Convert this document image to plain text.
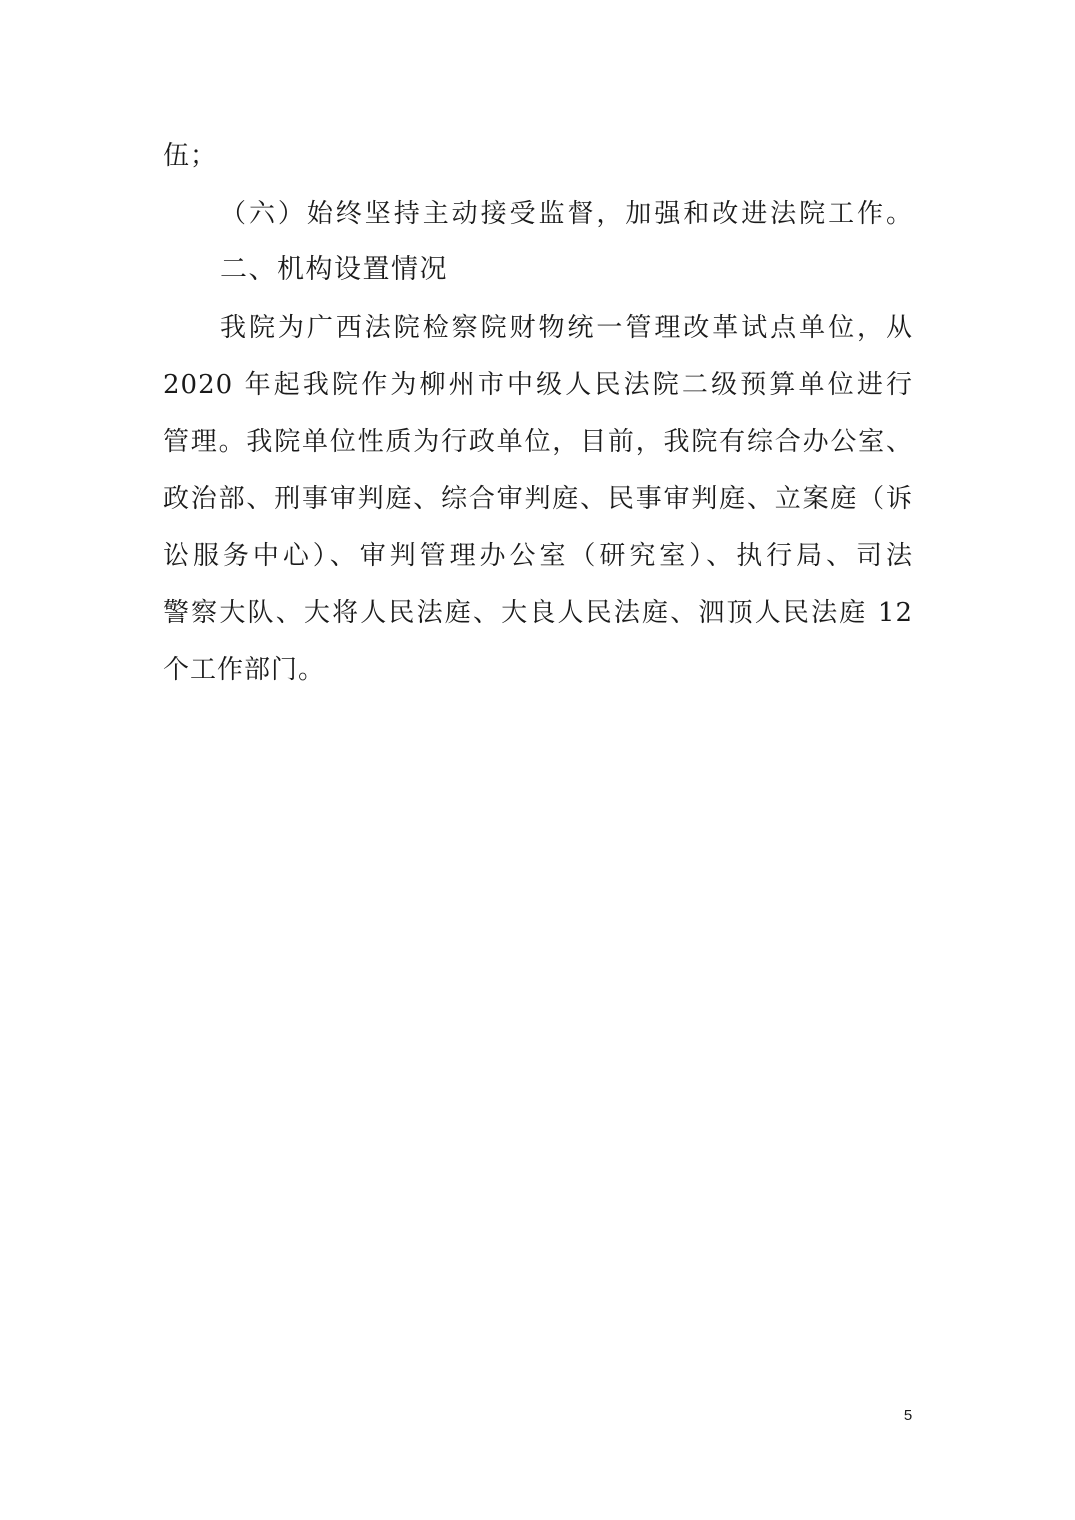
伍；
（六）始终坚持主动接受监督，加强和改进法院工作。
二、机构设置情况
我院为广西法院检察院财物统一管理改革试点单位，从
2020 年起我院作为柳州市中级人民法院二级预算单位进行
管理。我院单位性质为行政单位，目前，我院有综合办公室、
政治部、刑事审判庭、综合审判庭、民事审判庭、立案庭（诉
讼服务中心）、审判管理办公室（研究室）、执行局、司法
警察大队、大将人民法庭、大良人民法庭、泗顶人民法庭 12
个工作部门。
5
